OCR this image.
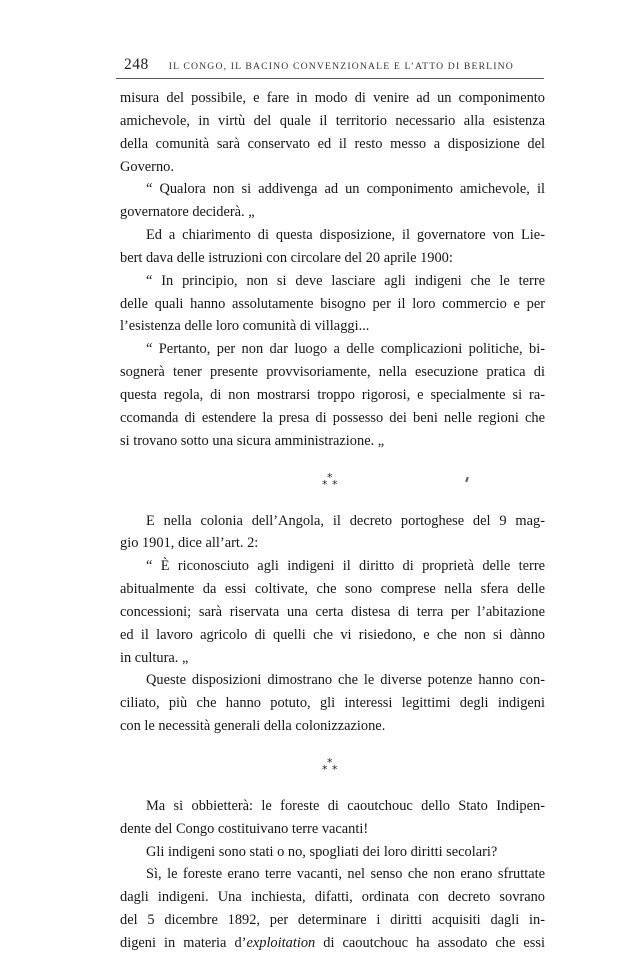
248 IL CONGO, IL BACINO CONVENZIONALE E L’ATTO DI BERLINO

misura del possibile, e fare in modo di venire ad un componimento

amichevole, in virtù del quale il territorio necessario alla esistenza

della comunità sarà conservato ed il resto messo a disposizione del

Governo.

“ Qualora non si addivenga ad un componimento amichevole, il

governatore deciderà. „

Ed a chiarimento di questa disposizione, il governatore von Lie-

bert dava delle istruzioni con circolare del 20 aprile 1900:

“ In principio, non si deve lasciare agli indigeni che le terre

delle quali hanno assolutamente bisogno per il loro commercio e per

l’esistenza delle loro comunità di villaggi...

“ Pertanto, per non dar luogo a delle complicazioni politiche, bi-

sognerà tener presente provvisoriamente, nella esecuzione pratica di

questa regola, di non mostrarsi troppo rigorosi, e specialmente si ra-

ccomanda di estendere la presa di possesso dei beni nelle regioni che

si trovano sotto una sicura amministrazione. „

*
* *

E nella colonia dell’Angola, il decreto portoghese del 9 mag-

gio 1901, dice all’art. 2:

“ È riconosciuto agli indigeni il diritto di proprietà delle terre

abitualmente da essi coltivate, che sono comprese nella sfera delle

concessioni; sarà riservata una certa distesa di terra per l’abitazione

ed il lavoro agricolo di quelli che vi risiedono, e che non si dànno

in cultura. „

Queste disposizioni dimostrano che le diverse potenze hanno con-

ciliato, più che hanno potuto, gli interessi legittimi degli indigeni

con le necessità generali della colonizzazione.

*
* *

Ma si obbietterà: le foreste di caoutchouc dello Stato Indipen-

dente del Congo costituivano terre vacanti!

Gli indigeni sono stati o no, spogliati dei loro diritti secolari?

Sì, le foreste erano terre vacanti, nel senso che non erano sfruttate

dagli indigeni. Una inchiesta, difatti, ordinata con decreto sovrano

del 5 dicembre 1892, per determinare i diritti acquisiti dagli in-

digeni in materia d’exploitation di caoutchouc ha assodato che essi
